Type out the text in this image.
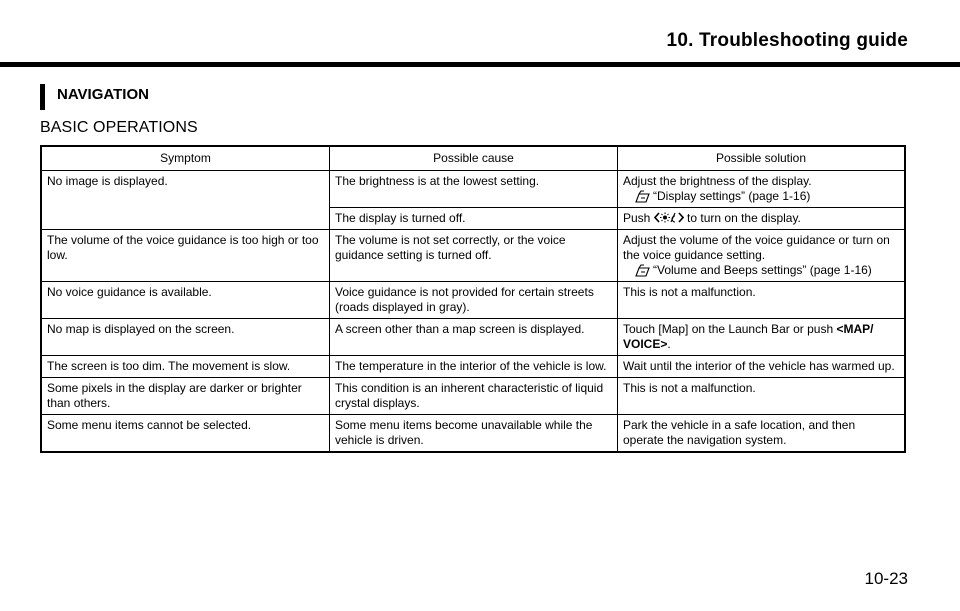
10. Troubleshooting guide
NAVIGATION
BASIC OPERATIONS
Symptom	Possible cause	Possible solution
No image is displayed.	The brightness is at the lowest setting.	Adjust the brightness of the display.
“Display settings” (page 1-16)

	The display is turned off.	Push to turn on the display.
The volume of the voice guidance is too high or too low.	The volume is not set correctly, or the voice guidance setting is turned off.	Adjust the volume of the voice guidance or turn on the voice guidance setting.
“Volume and Beeps settings” (page 1-16)

No voice guidance is available.	Voice guidance is not provided for certain streets (roads displayed in gray).	This is not a malfunction.
No map is displayed on the screen.	A screen other than a map screen is displayed.	Touch [Map] on the Launch Bar or push <MAP/ VOICE>.
The screen is too dim. The movement is slow.	The temperature in the interior of the vehicle is low.	Wait until the interior of the vehicle has warmed up.
Some pixels in the display are darker or brighter than others.	This condition is an inherent characteristic of liquid crystal displays.	This is not a malfunction.
Some menu items cannot be selected.	Some menu items become unavailable while the vehicle is driven.	Park the vehicle in a safe location, and then operate the navigation system.
10-23
